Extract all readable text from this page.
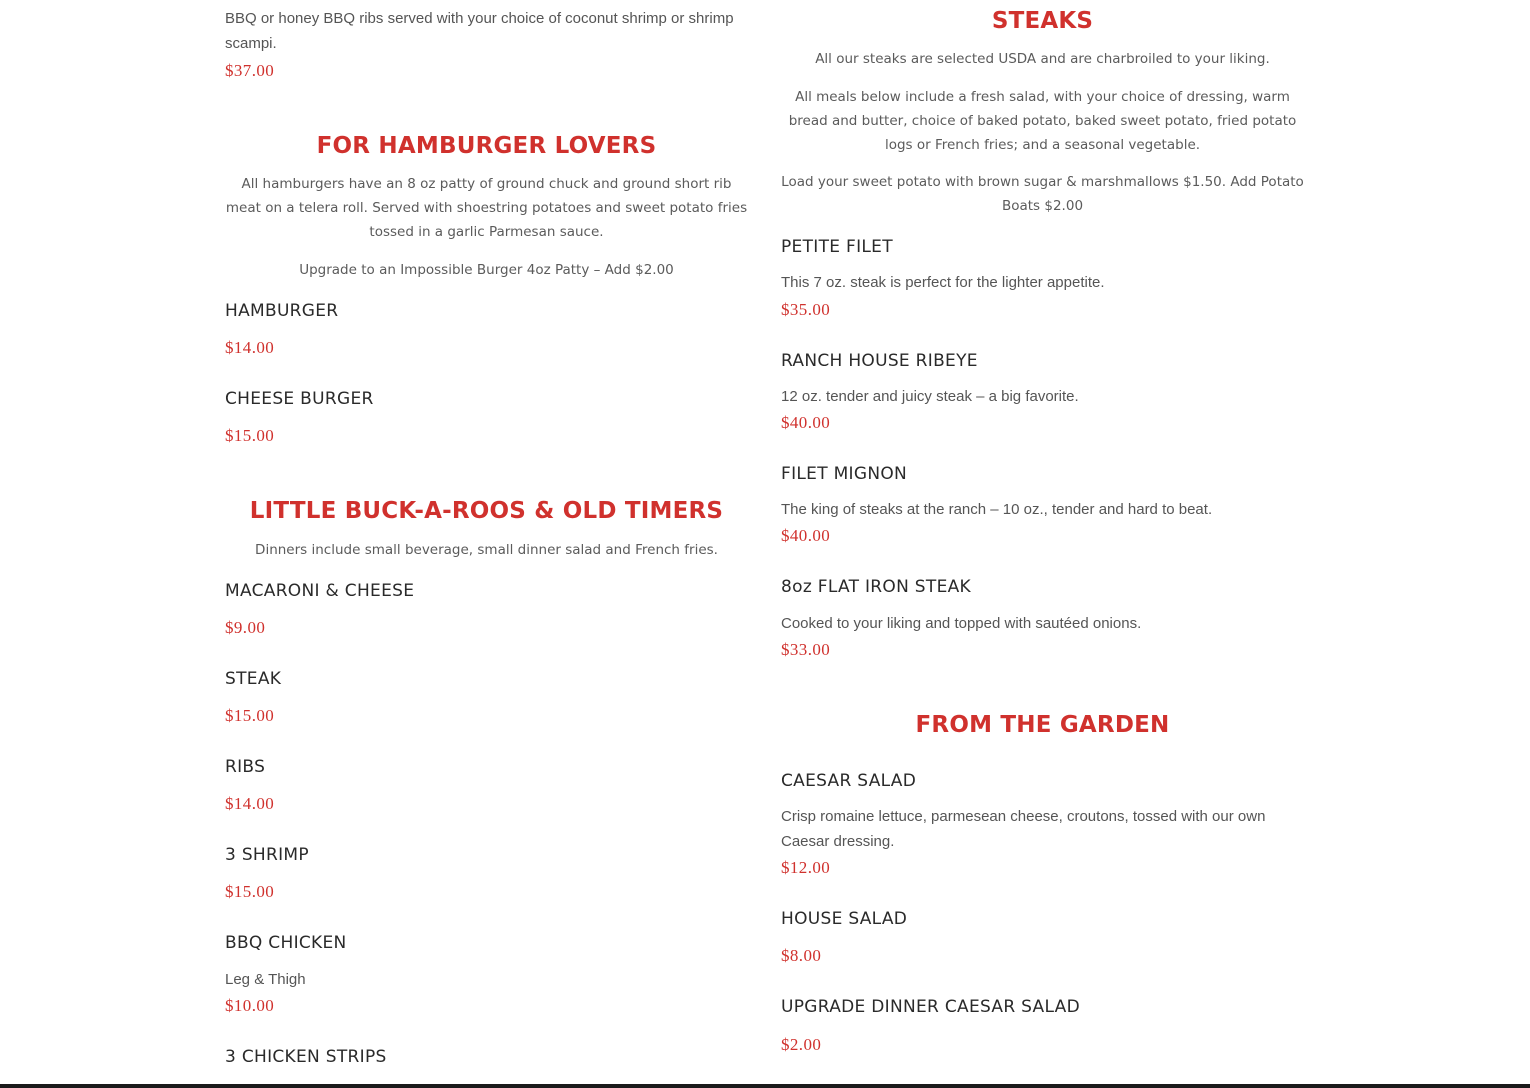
BBQ or honey BBQ ribs served with your choice of coconut shrimp or shrimp scampi.
$37.00
FOR HAMBURGER LOVERS
All hamburgers have an 8 oz patty of ground chuck and ground short rib meat on a telera roll. Served with shoestring potatoes and sweet potato fries tossed in a garlic Parmesan sauce.
Upgrade to an Impossible Burger 4oz Patty – Add $2.00
HAMBURGER
$14.00
CHEESE BURGER
$15.00
LITTLE BUCK-A-ROOS & OLD TIMERS
Dinners include small beverage, small dinner salad and French fries.
MACARONI & CHEESE
$9.00
STEAK
$15.00
RIBS
$14.00
3 SHRIMP
$15.00
BBQ CHICKEN
Leg & Thigh
$10.00
3 CHICKEN STRIPS
STEAKS
All our steaks are selected USDA and are charbroiled to your liking.
All meals below include a fresh salad, with your choice of dressing, warm bread and butter, choice of baked potato, baked sweet potato, fried potato logs or French fries; and a seasonal vegetable.
Load your sweet potato with brown sugar & marshmallows $1.50. Add Potato Boats $2.00
PETITE FILET
This 7 oz. steak is perfect for the lighter appetite.
$35.00
RANCH HOUSE RIBEYE
12 oz. tender and juicy steak – a big favorite.
$40.00
FILET MIGNON
The king of steaks at the ranch – 10 oz., tender and hard to beat.
$40.00
8oz FLAT IRON STEAK
Cooked to your liking and topped with sautéed onions.
$33.00
FROM THE GARDEN
CAESAR SALAD
Crisp romaine lettuce, parmesean cheese, croutons, tossed with our own Caesar dressing.
$12.00
HOUSE SALAD
$8.00
UPGRADE DINNER CAESAR SALAD
$2.00
